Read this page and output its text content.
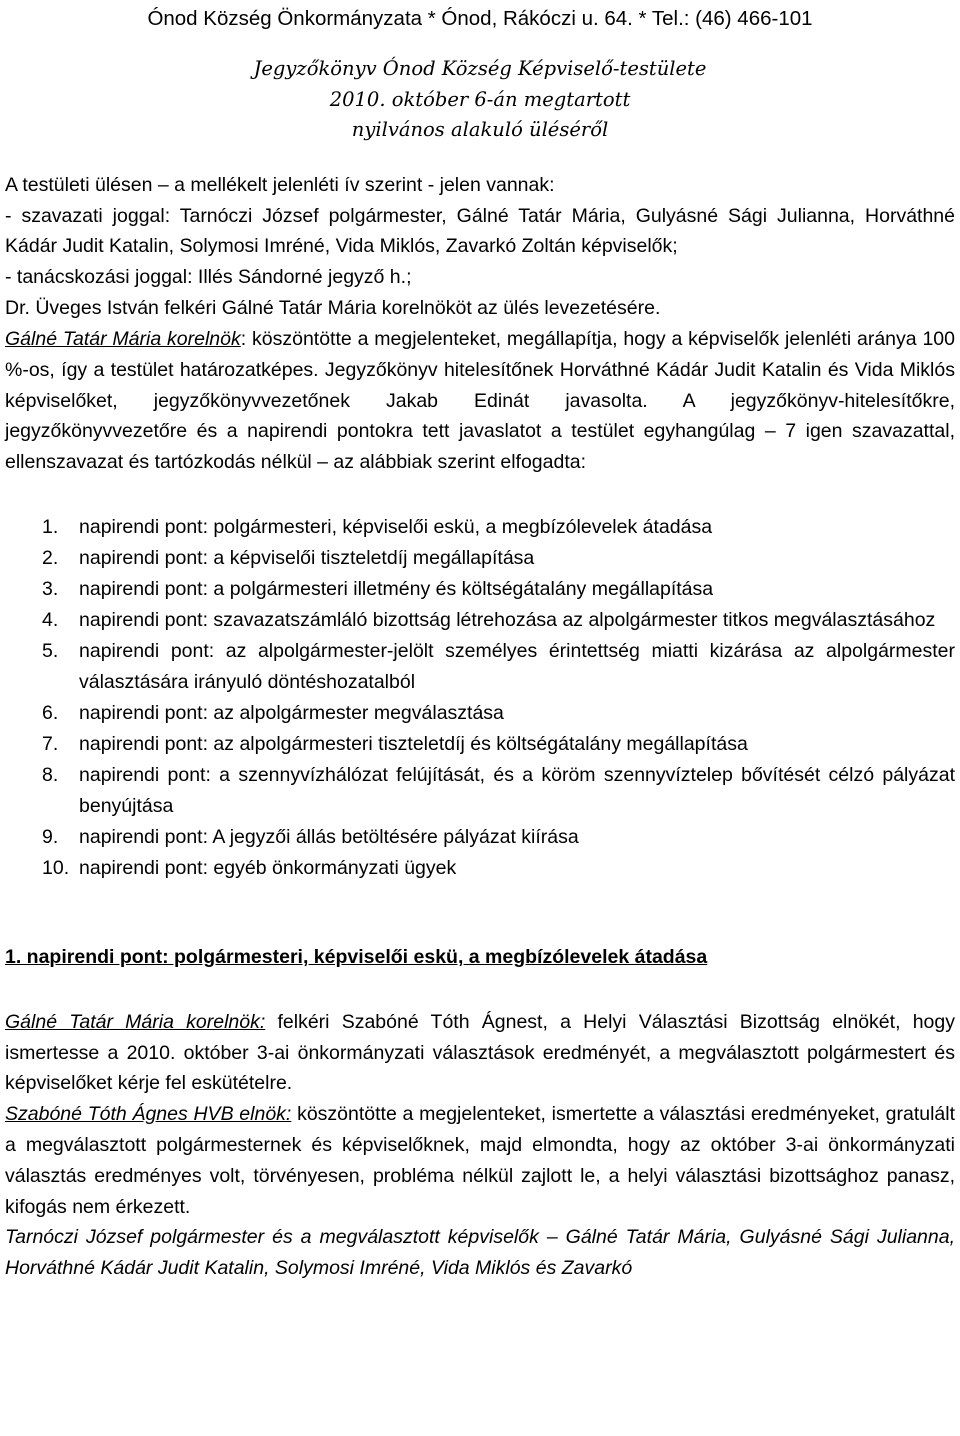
Ónod Község Önkormányzata * Ónod, Rákóczi u. 64. * Tel.: (46) 466-101
Jegyzőkönyv Ónod Község Képviselő-testülete
2010. október 6-án megtartott
nyilvános alakuló üléséről
A testületi ülésen – a mellékelt jelenléti ív szerint - jelen vannak:

- szavazati joggal: Tarnóczi József polgármester, Gálné Tatár Mária, Gulyásné Sági Julianna, Horváthné Kádár Judit Katalin, Solymosi Imréné, Vida Miklós, Zavarkó Zoltán képviselők;

- tanácskozási joggal: Illés Sándorné jegyző h.;
Dr. Üveges István felkéri Gálné Tatár Mária korelnököt az ülés levezetésére.

Gálné Tatár Mária korelnök: köszöntötte a megjelenteket, megállapítja, hogy a képviselők jelenléti aránya 100 %-os, így a testület határozatképes. Jegyzőkönyv hitelesítőnek Horváthné Kádár Judit Katalin és Vida Miklós képviselőket, jegyzőkönyvvezetőnek Jakab Edinát javasolta. A jegyzőkönyv-hitelesítőkre, jegyzőkönyvvezetőre és a napirendi pontokra tett javaslatot a testület egyhangúlag – 7 igen szavazattal, ellenszavazat és tartózkodás nélkül – az alábbiak szerint elfogadta:

1.	napirendi pont: polgármesteri, képviselői eskü, a megbízólevelek átadása
2.	napirendi pont: a képviselői tiszteletdíj megállapítása
3.	napirendi pont: a polgármesteri illetmény és költségátalány megállapítása
4.	napirendi pont: szavazatszámláló bizottság létrehozása az alpolgármester titkos megválasztásához
5.	napirendi pont: az alpolgármester-jelölt személyes érintettség miatti kizárása az alpolgármester választására irányuló döntéshozatalból
6.	napirendi pont: az alpolgármester megválasztása
7.	napirendi pont: az alpolgármesteri tiszteletdíj és költségátalány megállapítása
8.	napirendi pont: a szennyvízhálózat felújítását, és a köröm szennyvíztelep bővítését célzó pályázat benyújtása
9.	napirendi pont: A jegyzői állás betöltésére pályázat kiírása
10. napirendi pont: egyéb önkormányzati ügyek
1. napirendi pont: polgármesteri, képviselői eskü, a megbízólevelek átadása

Gálné Tatár Mária korelnök: felkéri Szabóné Tóth Ágnest, a Helyi Választási Bizottság elnökét, hogy ismertesse a 2010. október 3-ai önkormányzati választások eredményét, a megválasztott polgármestert és képviselőket kérje fel eskütételre.

Szabóné Tóth Ágnes HVB elnök: köszöntötte a megjelenteket, ismertette a választási eredményeket, gratulált a megválasztott polgármesternek és képviselőknek, majd elmondta, hogy az október 3-ai önkormányzati választás eredményes volt, törvényesen, probléma nélkül zajlott le, a helyi választási bizottsághoz panasz, kifogás nem érkezett.

Tarnóczi József polgármester és a megválasztott képviselők – Gálné Tatár Mária, Gulyásné Sági Julianna, Horváthné Kádár Judit Katalin, Solymosi Imréné, Vida Miklós és Zavarkó
